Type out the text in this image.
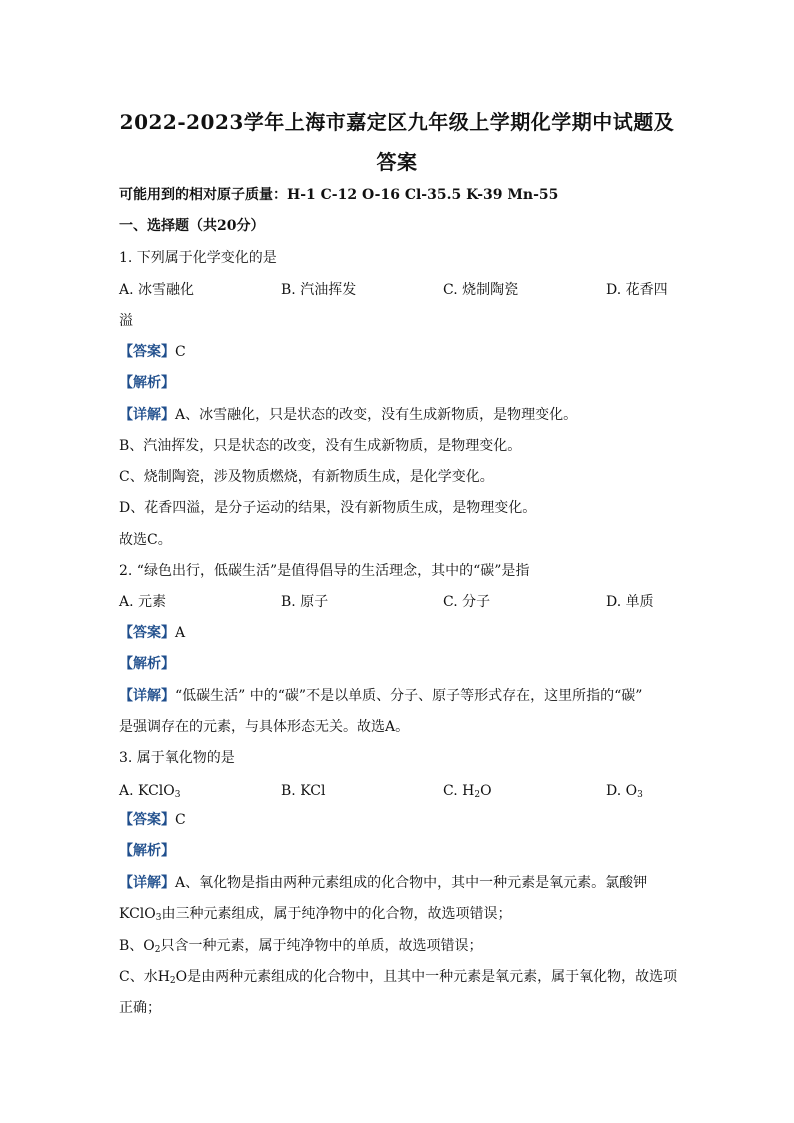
2022-2023学年上海市嘉定区九年级上学期化学期中试题及
答案
可能用到的相对原子质量：H-1 C-12 O-16 Cl-35.5 K-39 Mn-55
一、选择题（共20分）
1. 下列属于化学变化的是
A. 冰雪融化	B. 汽油挥发	C. 烧制陶瓷	D. 花香四
溢
【答案】C
【解析】
【详解】A、冰雪融化，只是状态的改变，没有生成新物质，是物理变化。
B、汽油挥发，只是状态的改变，没有生成新物质，是物理变化。
C、烧制陶瓷，涉及物质燃烧，有新物质生成，是化学变化。
D、花香四溢，是分子运动的结果，没有新物质生成，是物理变化。
故选C。
2. “绿色出行，低碳生活”是值得倡导的生活理念，其中的“碳”是指
A. 元素	B. 原子	C. 分子	D. 单质
【答案】A
【解析】
【详解】“低碳生活” 中的“碳”不是以单质、分子、原子等形式存在，这里所指的“碳”
是强调存在的元素，与具体形态无关。故选A。
3. 属于氧化物的是
A. KClO$_3$	B. KCl	C. $H_2O$	D. $O_3$
【答案】C
【解析】
【详解】A、氧化物是指由两种元素组成的化合物中，其中一种元素是氧元素。氯酸钾
KClO$_3$由三种元素组成，属于纯净物中的化合物，故选项错误；
B、$O_2$只含一种元素，属于纯净物中的单质，故选项错误；
C、水$H_2O$是由两种元素组成的化合物中，且其中一种元素是氧元素，属于氧化物，故选项
正确；
